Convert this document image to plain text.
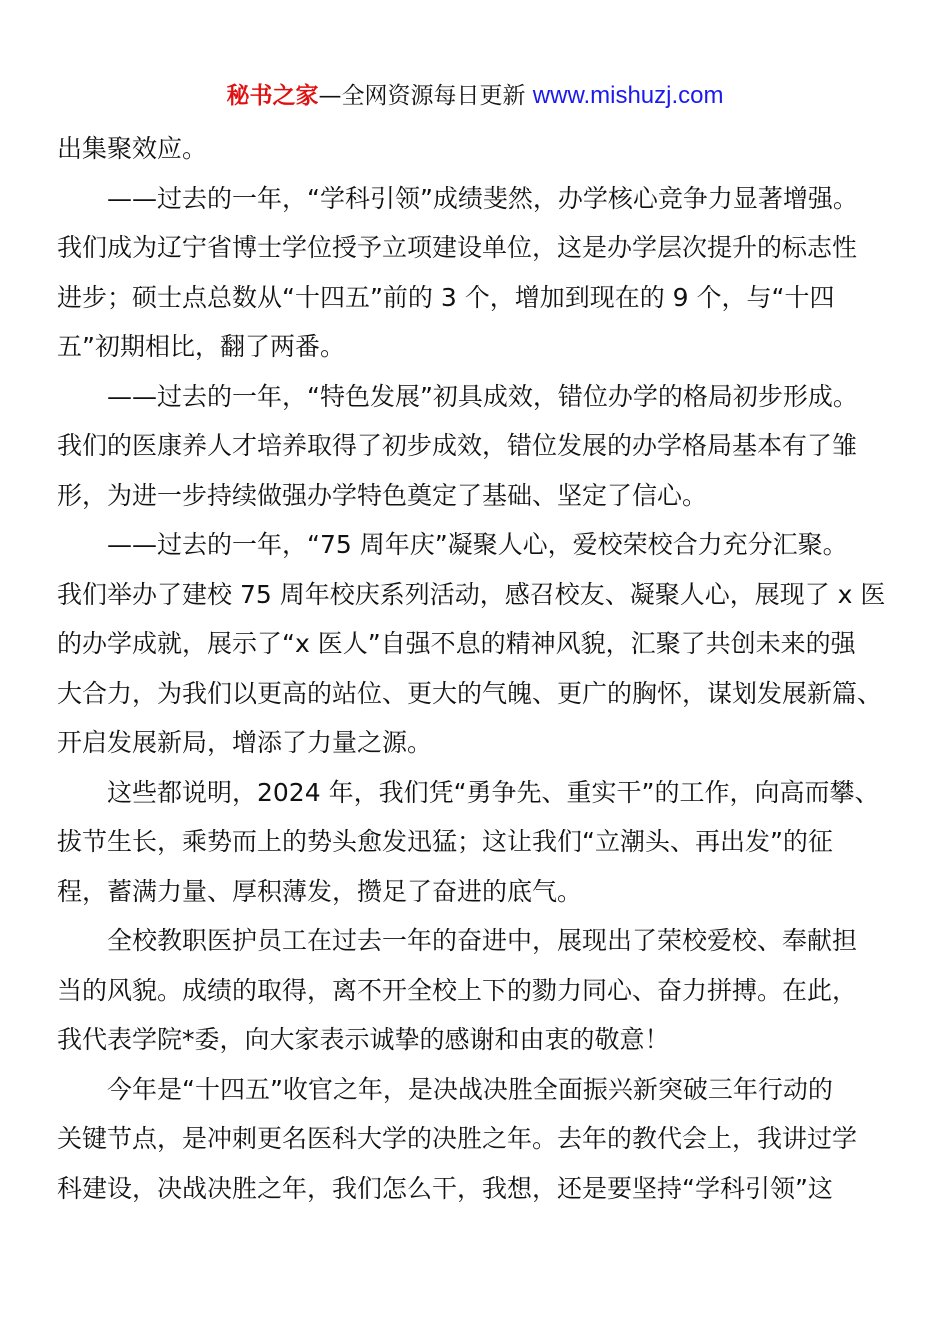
秘书之家—全网资源每日更新 www.mishuzj.com
出集聚效应。
——过去的一年，“学科引领”成绩斐然，办学核心竞争力显著增强。
我们成为辽宁省博士学位授予立项建设单位，这是办学层次提升的标志性
进步；硕士点总数从“十四五”前的 3 个，增加到现在的 9 个，与“十四
五”初期相比，翻了两番。
——过去的一年，“特色发展”初具成效，错位办学的格局初步形成。
我们的医康养人才培养取得了初步成效，错位发展的办学格局基本有了雏
形，为进一步持续做强办学特色奠定了基础、坚定了信心。
——过去的一年，“75 周年庆”凝聚人心，爱校荣校合力充分汇聚。
我们举办了建校 75 周年校庆系列活动，感召校友、凝聚人心，展现了 x 医
的办学成就，展示了“x 医人”自强不息的精神风貌，汇聚了共创未来的强
大合力，为我们以更高的站位、更大的气魄、更广的胸怀，谋划发展新篇、
开启发展新局，增添了力量之源。
这些都说明，2024 年，我们凭“勇争先、重实干”的工作，向高而攀、
拔节生长，乘势而上的势头愈发迅猛；这让我们“立潮头、再出发”的征
程，蓄满力量、厚积薄发，攒足了奋进的底气。
全校教职医护员工在过去一年的奋进中，展现出了荣校爱校、奉献担
当的风貌。成绩的取得，离不开全校上下的勠力同心、奋力拼搏。在此，
我代表学院*委，向大家表示诚挚的感谢和由衷的敬意！
今年是“十四五”收官之年，是决战决胜全面振兴新突破三年行动的
关键节点，是冲刺更名医科大学的决胜之年。去年的教代会上，我讲过学
科建设，决战决胜之年，我们怎么干，我想，还是要坚持“学科引领”这
